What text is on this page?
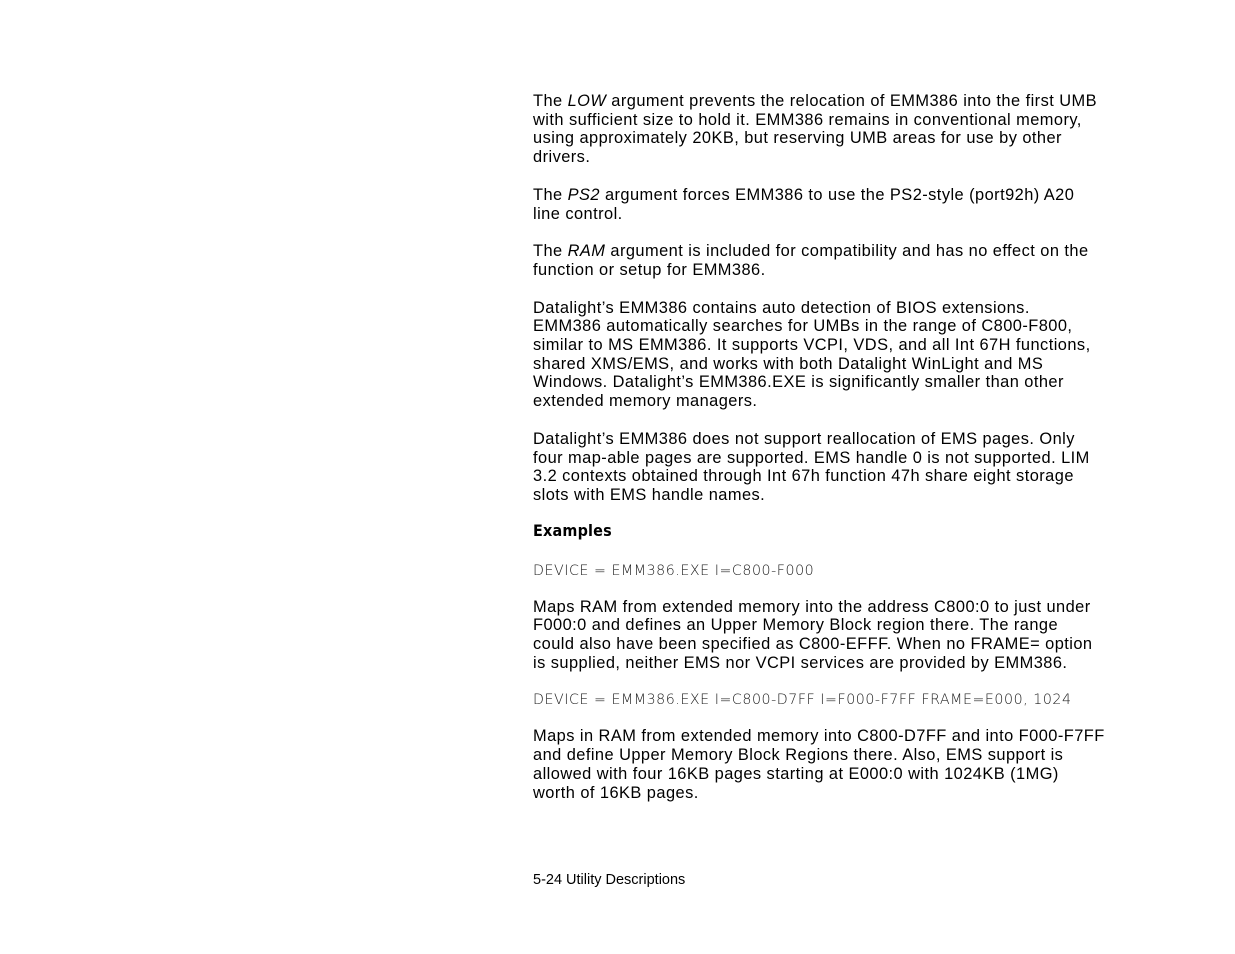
The LOW argument prevents the relocation of EMM386 into the first UMB
with sufficient size to hold it. EMM386 remains in conventional memory,
using approximately 20KB, but reserving UMB areas for use by other
drivers.

The PS2 argument forces EMM386 to use the PS2-style (port92h) A20
line control.

The RAM argument is included for compatibility and has no effect on the
function or setup for EMM386.

Datalight’s EMM386 contains auto detection of BIOS extensions.
EMM386 automatically searches for UMBs in the range of C800-F800,
similar to MS EMM386. It supports VCPI, VDS, and all Int 67H functions,
shared XMS/EMS, and works with both Datalight WinLight and MS
Windows. Datalight’s EMM386.EXE is significantly smaller than other
extended memory managers.

Datalight’s EMM386 does not support reallocation of EMS pages. Only
four map-able pages are supported. EMS handle 0 is not supported. LIM
3.2 contexts obtained through Int 67h function 47h share eight storage
slots with EMS handle names.

Examples
DEVICE = EMM386.EXE I=C800-F000

Maps RAM from extended memory into the address C800:0 to just under
F000:0 and defines an Upper Memory Block region there. The range
could also have been specified as C800-EFFF. When no FRAME= option
is supplied, neither EMS nor VCPI services are provided by EMM386.

DEVICE = EMM386.EXE I=C800-D7FF I=F000-F7FF FRAME=E000, 1024

Maps in RAM from extended memory into C800-D7FF and into F000-F7FF
and define Upper Memory Block Regions there. Also, EMS support is
allowed with four 16KB pages starting at E000:0 with 1024KB (1MG)
worth of 16KB pages.

5-24 Utility Descriptions
